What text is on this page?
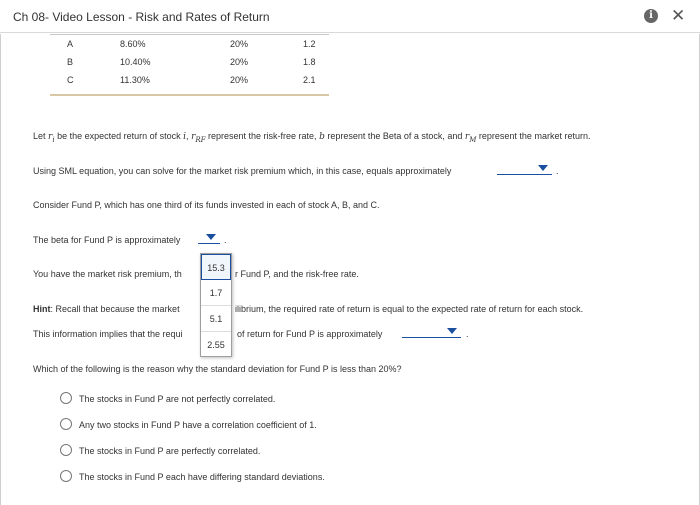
Ch 08- Video Lesson - Risk and Rates of Return	i ✕
A	8.60%	20%	1.2
B	10.40%	20%	1.8
C	11.30%	20%	2.1
Let $r_i$ be the expected return of stock i, $r_{RF}$ represent the risk-free rate, b represent the Beta of a stock, and $r_M$ represent the market return.
Using SML equation, you can solve for the market risk premium which, in this case, equals approximately	.
Consider Fund P, which has one third of its funds invested in each of stock A, B, and C.
The beta for Fund P is approximately	.
You have the market risk premium, th	r Fund P, and the risk-free rate.
Hint: Recall that because the market	ilibrium, the required rate of return is equal to the expected rate of return for each stock.
This information implies that the requi	of return for Fund P is approximately	.
Which of the following is the reason why the standard deviation for Fund P is less than 20%?
The stocks in Fund P are not perfectly correlated.
Any two stocks in Fund P have a correlation coefficient of 1.
The stocks in Fund P are perfectly correlated.
The stocks in Fund P each have differing standard deviations.
15.3
1.7
5.1
2.55
